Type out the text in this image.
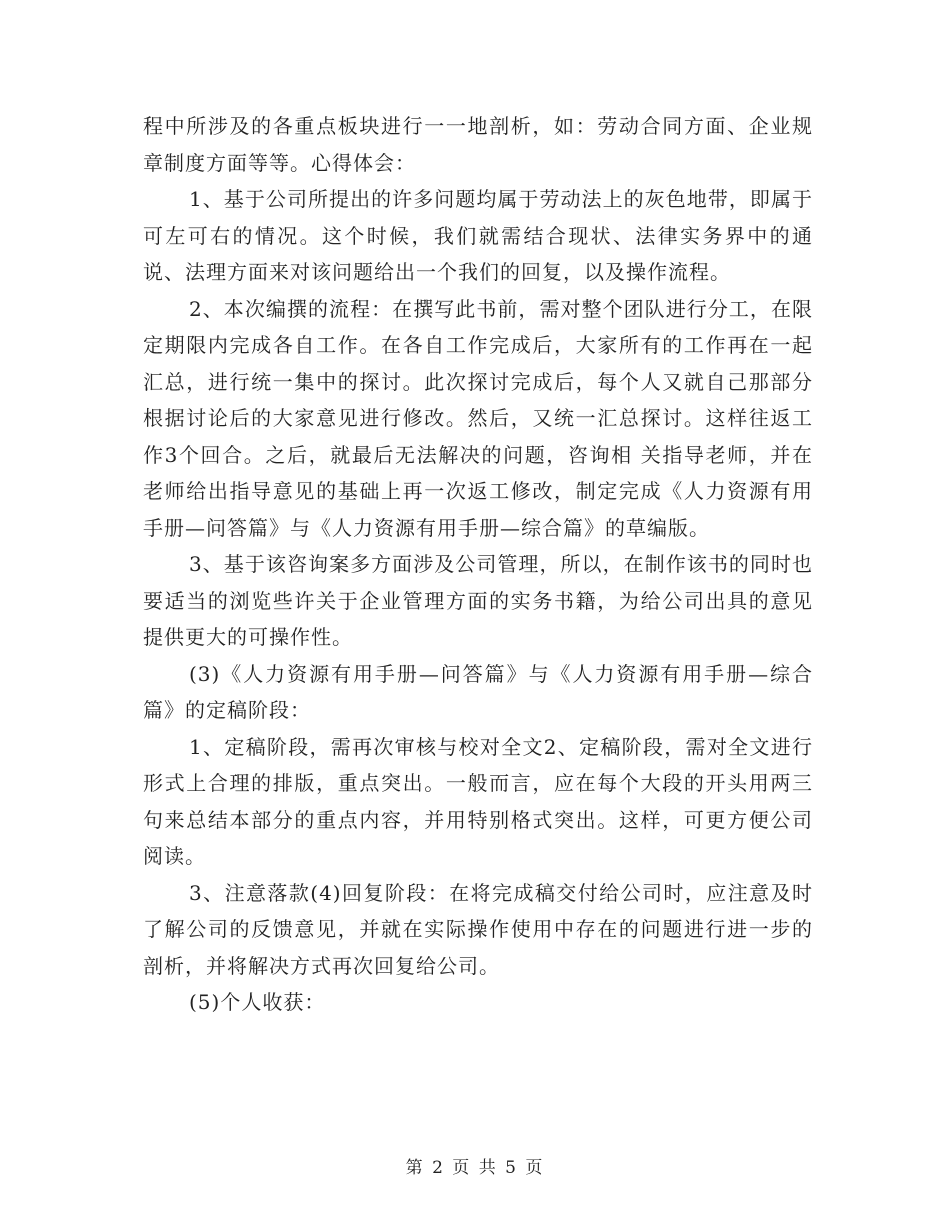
程中所涉及的各重点板块进行一一地剖析，如：劳动合同方面、企业规章制度方面等等。心得体会：

1、基于公司所提出的许多问题均属于劳动法上的灰色地带，即属于可左可右的情况。这个时候，我们就需结合现状、法律实务界中的通说、法理方面来对该问题给出一个我们的回复，以及操作流程。

2、本次编撰的流程：在撰写此书前，需对整个团队进行分工，在限定期限内完成各自工作。在各自工作完成后，大家所有的工作再在一起汇总，进行统一集中的探讨。此次探讨完成后，每个人又就自己那部分根据讨论后的大家意见进行修改。然后，又统一汇总探讨。这样往返工作3个回合。之后，就最后无法解决的问题，咨询相 关指导老师，并在老师给出指导意见的基础上再一次返工修改，制定完成《人力资源有用手册—问答篇》与《人力资源有用手册—综合篇》的草编版。

3、基于该咨询案多方面涉及公司管理，所以，在制作该书的同时也要适当的浏览些许关于企业管理方面的实务书籍，为给公司出具的意见提供更大的可操作性。

(3)《人力资源有用手册—问答篇》与《人力资源有用手册—综合篇》的定稿阶段：

1、定稿阶段，需再次审核与校对全文2、定稿阶段，需对全文进行形式上合理的排版，重点突出。一般而言，应在每个大段的开头用两三句来总结本部分的重点内容，并用特别格式突出。这样，可更方便公司阅读。

3、注意落款(4)回复阶段：在将完成稿交付给公司时，应注意及时了解公司的反馈意见，并就在实际操作使用中存在的问题进行进一步的剖析，并将解决方式再次回复给公司。

(5)个人收获：

第 2 页 共 5 页
